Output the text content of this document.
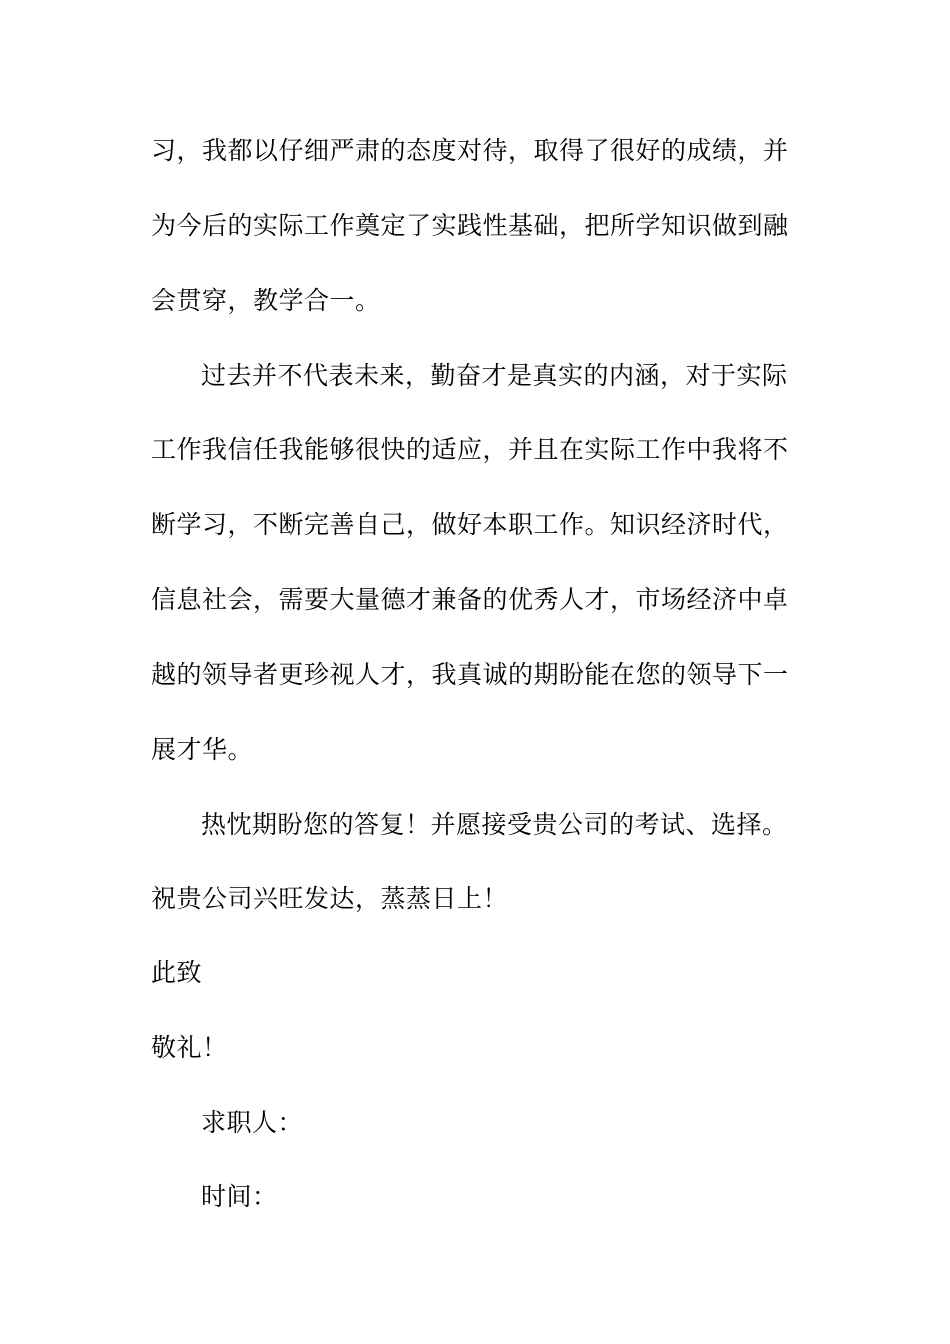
习，我都以仔细严肃的态度对待，取得了很好的成绩，并
为今后的实际工作奠定了实践性基础，把所学知识做到融
会贯穿，教学合一。
过去并不代表未来，勤奋才是真实的内涵，对于实际
工作我信任我能够很快的适应，并且在实际工作中我将不
断学习，不断完善自己，做好本职工作。知识经济时代，
信息社会，需要大量德才兼备的优秀人才，市场经济中卓
越的领导者更珍视人才，我真诚的期盼能在您的领导下一
展才华。
热忱期盼您的答复！并愿接受贵公司的考试、选择。
祝贵公司兴旺发达，蒸蒸日上！
此致
敬礼！
求职人：
时间：
